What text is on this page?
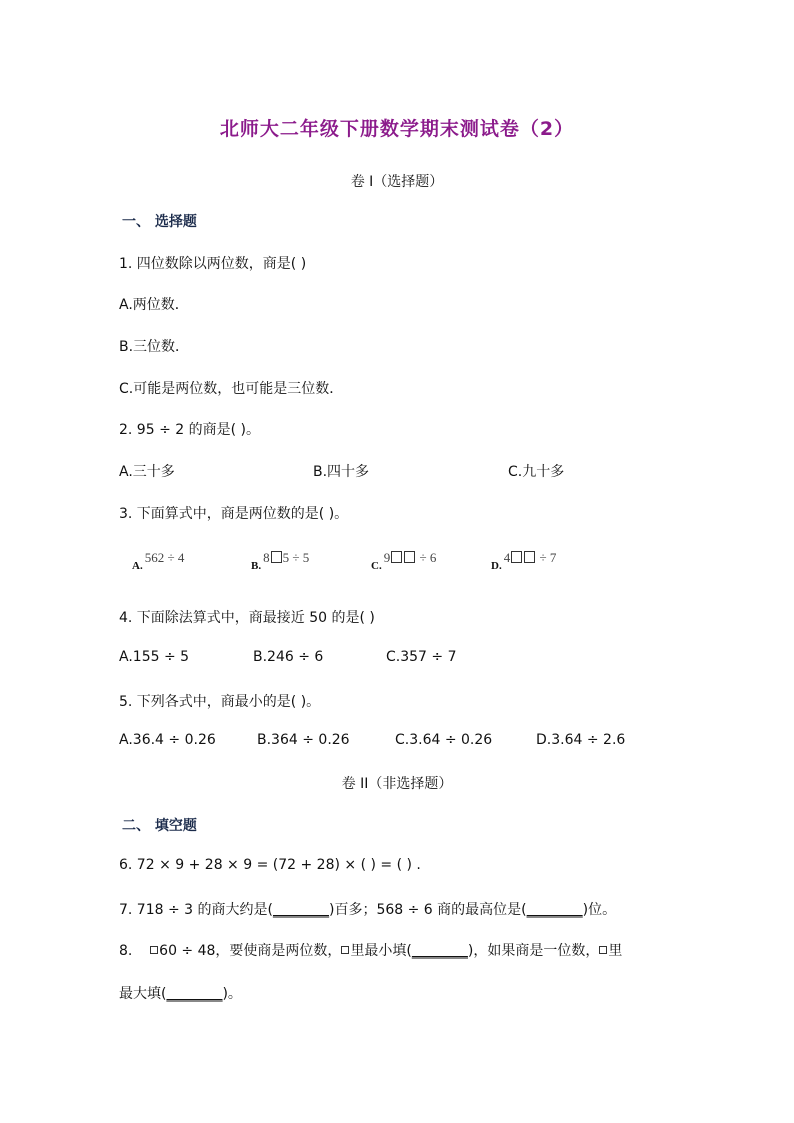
北师大二年级下册数学期末测试卷（2）
卷 I（选择题）
一、 选择题
1. 四位数除以两位数，商是( )
A.两位数．
B.三位数．
C.可能是两位数，也可能是三位数．
2. 95 ÷ 2 的商是( )。
A.三十多	B.四十多	C.九十多
3. 下面算式中，商是两位数的是( )。
$_{A.}$562 ÷ 4
$_{B.}$8 5 ÷ 5
$_{C.}$9 ÷ 6
$_{D.}$4 ÷ 7
4. 下面除法算式中，商最接近 50 的是( )
A.155 ÷ 5	B.246 ÷ 6	C.357 ÷ 7
5. 下列各式中，商最小的是( )。
A.36.4 ÷ 0.26	B.364 ÷ 0.26	C.3.64 ÷ 0.26	D.3.64 ÷ 2.6
卷 II（非选择题）
二、 填空题
6. 72 × 9 + 28 × 9 = (72 + 28) × ( ) = ( ) .
7. 718 ÷ 3 的商大约是(________)百多；568 ÷ 6 商的最高位是(________)位。
8. 60 ÷ 48，要使商是两位数， 里最小填(________)，如果商是一位数， 里
最大填(________)。
